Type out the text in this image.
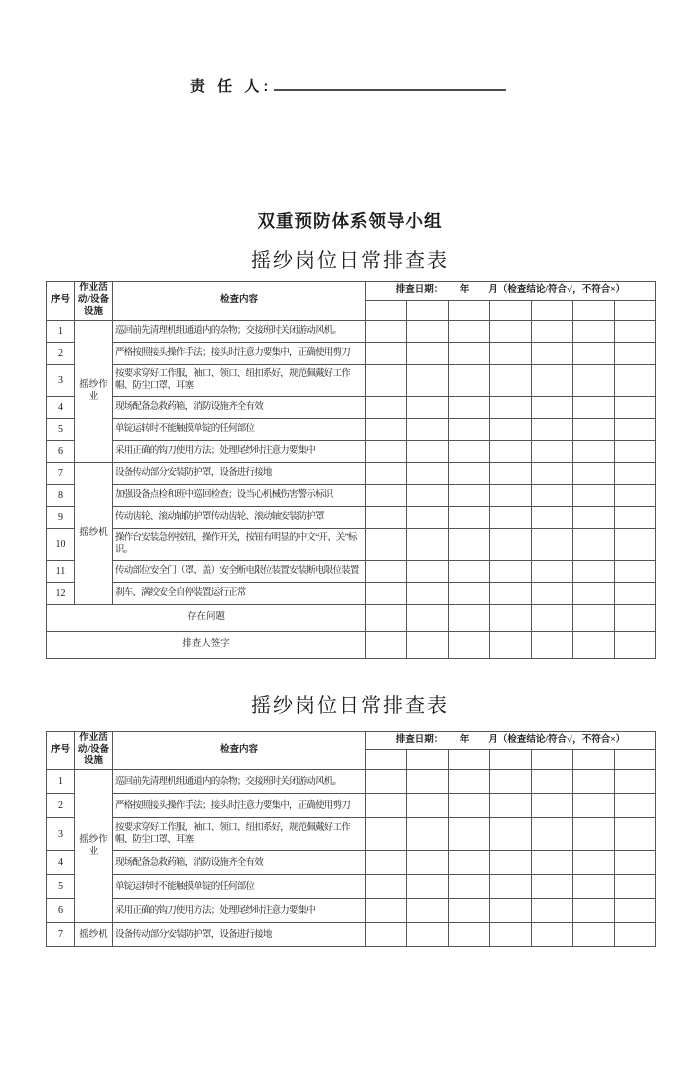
责 任 人:
双重预防体系领导小组
摇纱岗位日常排查表
序号	作业活动/设备设施	检查内容	排查日期：       年        月（检查结论/符合√，不符合×）						

1	摇纱作业	巡回前先清理机组通道内的杂物；交接班时关闭游动风机。							
2		严格按照接头操作手法；接头时注意力要集中，正确使用剪刀							
3		按要求穿好工作服，袖口、领口、纽扣系好，规范佩戴好工作帽、防尘口罩、耳塞							
4		现场配备急救药箱，消防设施齐全有效							
5		单锭运转时不能触摸单锭的任何部位							
6		采用正确的钩刀使用方法；处理尾纱时注意力要集中							
7	摇纱机	设备传动部分安装防护罩，设备进行接地							
8		加强设备点检和班中巡回检查；设当心机械伤害警示标识							
9		传动齿轮、滚动轴防护罩传动齿轮、滚动轴安装防护罩							
10		操作台安装急停按钮，操作开关，按钮有明显的中文“开、关”标识。							
11		传动部位安全门（罩、盖）安全断电限位装置安装断电限位装置							
12		刹车、满绞安全自停装置运行正常							
存在问题									
排查人签字									
摇纱岗位日常排查表
序号	作业活动/设备设施	检查内容	排查日期：       年        月（检查结论/符合√，不符合×）						

1	摇纱作业	巡回前先清理机组通道内的杂物；交接班时关闭游动风机。							
2		严格按照接头操作手法；接头时注意力要集中，正确使用剪刀							
3		按要求穿好工作服，袖口、领口、纽扣系好，规范佩戴好工作帽、防尘口罩、耳塞							
4		现场配备急救药箱，消防设施齐全有效							
5		单锭运转时不能触摸单锭的任何部位							
6		采用正确的钩刀使用方法；处理尾纱时注意力要集中							
7	摇纱机	设备传动部分安装防护罩，设备进行接地							
